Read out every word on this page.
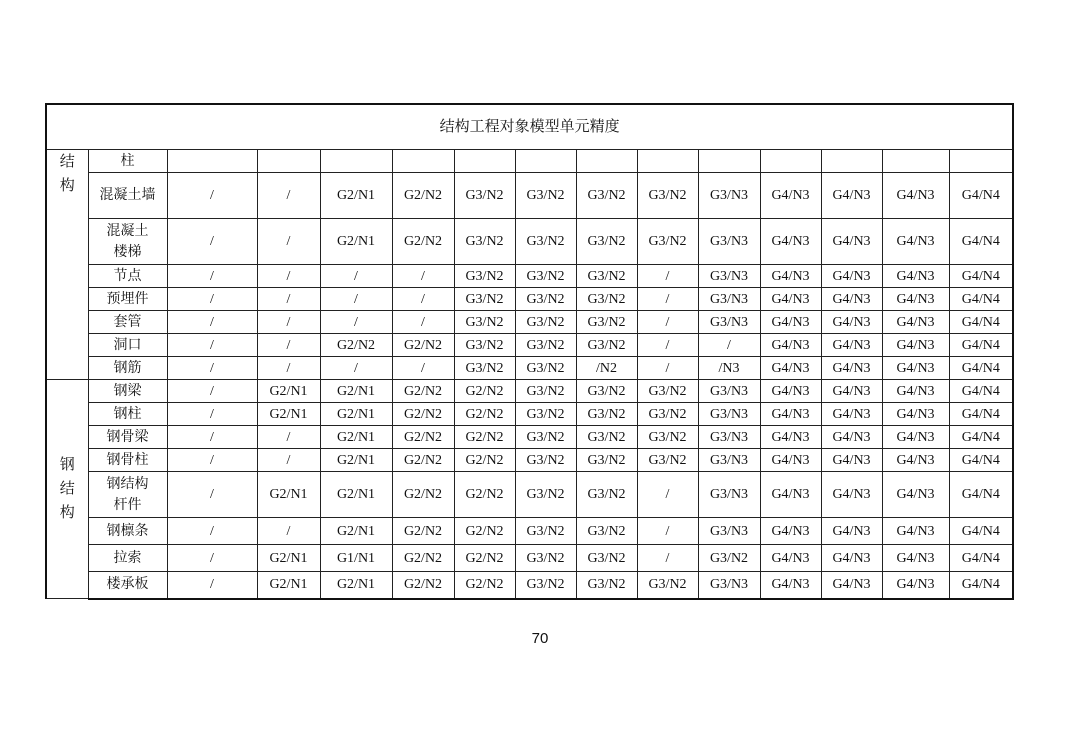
结构工程对象模型单元精度														

结
构	柱													
	混凝土墙	/	/	G2/N1	G2/N2	G3/N2	G3/N2	G3/N2	G3/N2	G3/N3	G4/N3	G4/N3	G4/N3	G4/N4
	混凝土
楼梯	/	/	G2/N1	G2/N2	G3/N2	G3/N2	G3/N2	G3/N2	G3/N3	G4/N3	G4/N3	G4/N3	G4/N4
	节点	/	/	/	/	G3/N2	G3/N2	G3/N2	/	G3/N3	G4/N3	G4/N3	G4/N3	G4/N4
	预埋件	/	/	/	/	G3/N2	G3/N2	G3/N2	/	G3/N3	G4/N3	G4/N3	G4/N3	G4/N4
	套管	/	/	/	/	G3/N2	G3/N2	G3/N2	/	G3/N3	G4/N3	G4/N3	G4/N3	G4/N4
	洞口	/	/	G2/N2	G2/N2	G3/N2	G3/N2	G3/N2	/	/	G4/N3	G4/N3	G4/N3	G4/N4
	钢筋	/	/	/	/	G3/N2	G3/N2	/N2	/	/N3	G4/N3	G4/N3	G4/N3	G4/N4

钢
结
构	钢梁	/	G2/N1	G2/N1	G2/N2	G2/N2	G3/N2	G3/N2	G3/N2	G3/N3	G4/N3	G4/N3	G4/N3	G4/N4
	钢柱	/	G2/N1	G2/N1	G2/N2	G2/N2	G3/N2	G3/N2	G3/N2	G3/N3	G4/N3	G4/N3	G4/N3	G4/N4
	钢骨梁	/	/	G2/N1	G2/N2	G2/N2	G3/N2	G3/N2	G3/N2	G3/N3	G4/N3	G4/N3	G4/N3	G4/N4
	钢骨柱	/	/	G2/N1	G2/N2	G2/N2	G3/N2	G3/N2	G3/N2	G3/N3	G4/N3	G4/N3	G4/N3	G4/N4
	钢结构
杆件	/	G2/N1	G2/N1	G2/N2	G2/N2	G3/N2	G3/N2	/	G3/N3	G4/N3	G4/N3	G4/N3	G4/N4
	钢檩条	/	/	G2/N1	G2/N2	G2/N2	G3/N2	G3/N2	/	G3/N3	G4/N3	G4/N3	G4/N3	G4/N4
	拉索	/	G2/N1	G1/N1	G2/N2	G2/N2	G3/N2	G3/N2	/	G3/N2	G4/N3	G4/N3	G4/N3	G4/N4
	楼承板	/	G2/N1	G2/N1	G2/N2	G2/N2	G3/N2	G3/N2	G3/N2	G3/N3	G4/N3	G4/N3	G4/N3	G4/N4
70
